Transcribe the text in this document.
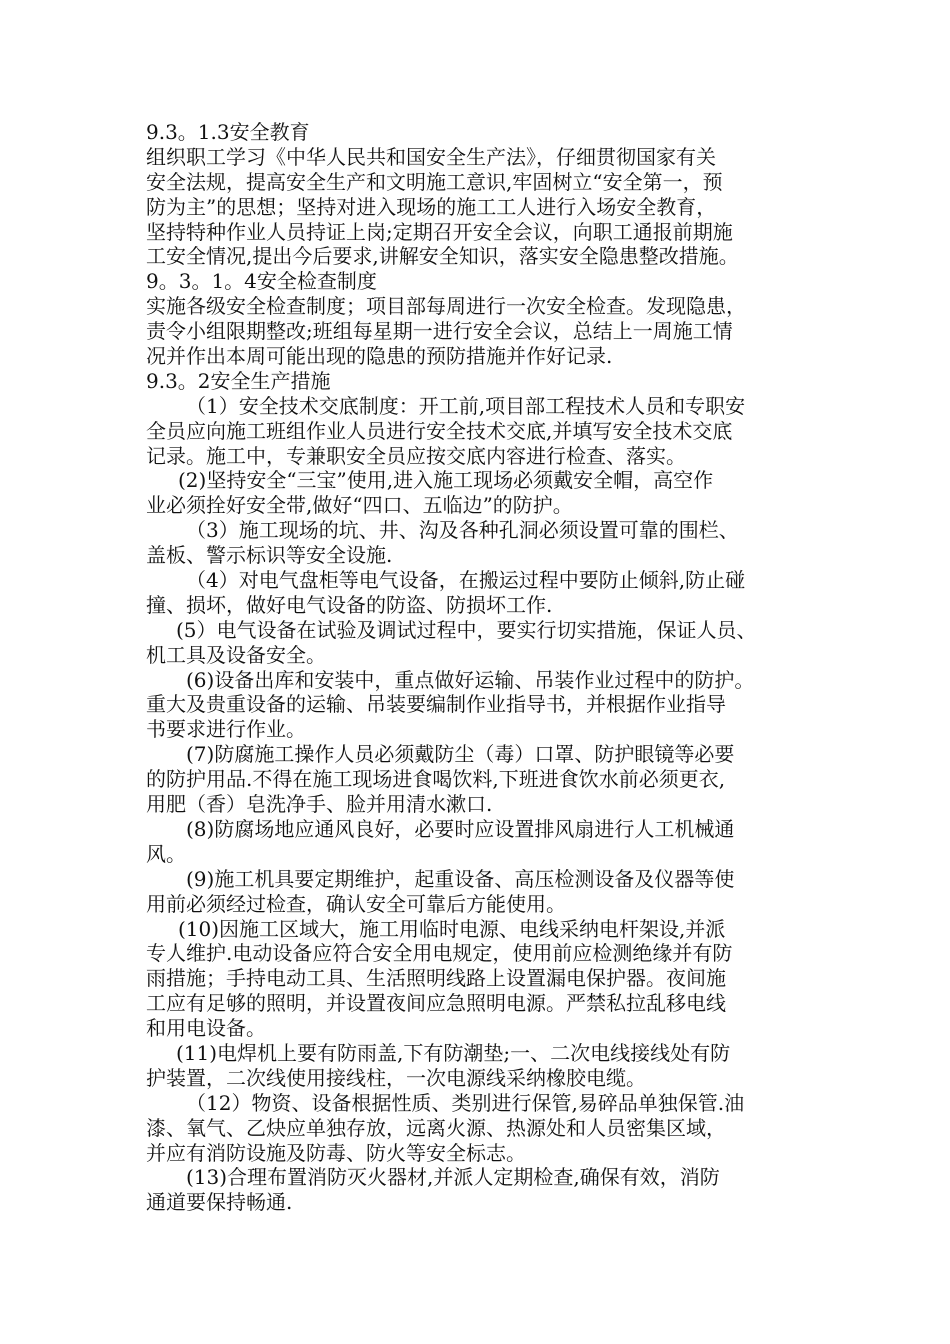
9.3。1.3安全教育
组织职工学习《中华人民共和国安全生产法》，仔细贯彻国家有关
安全法规，提高安全生产和文明施工意识,牢固树立“安全第一，预
防为主”的思想；坚持对进入现场的施工工人进行入场安全教育，
坚持特种作业人员持证上岗;定期召开安全会议，向职工通报前期施
工安全情况,提出今后要求,讲解安全知识，落实安全隐患整改措施。
9。3。1。4安全检查制度
实施各级安全检查制度；项目部每周进行一次安全检查。发现隐患，
责令小组限期整改;班组每星期一进行安全会议，总结上一周施工情
况并作出本周可能出现的隐患的预防措施并作好记录.
9.3。2安全生产措施
（1）安全技术交底制度：开工前,项目部工程技术人员和专职安
全员应向施工班组作业人员进行安全技术交底,并填写安全技术交底
记录。施工中，专兼职安全员应按交底内容进行检查、落实。
(2)坚持安全“三宝”使用,进入施工现场必须戴安全帽，高空作
业必须拴好安全带,做好“四口、五临边”的防护。
（3）施工现场的坑、井、沟及各种孔洞必须设置可靠的围栏、
盖板、警示标识等安全设施.
（4）对电气盘柜等电气设备，在搬运过程中要防止倾斜,防止碰
撞、损坏，做好电气设备的防盗、防损坏工作.
(5）电气设备在试验及调试过程中，要实行切实措施，保证人员、
机工具及设备安全。
(6)设备出库和安装中，重点做好运输、吊装作业过程中的防护。
重大及贵重设备的运输、吊装要编制作业指导书，并根据作业指导
书要求进行作业。
(7)防腐施工操作人员必须戴防尘（毒）口罩、防护眼镜等必要
的防护用品.不得在施工现场进食喝饮料,下班进食饮水前必须更衣,
用肥（香）皂洗净手、脸并用清水漱口.
(8)防腐场地应通风良好，必要时应设置排风扇进行人工机械通
风。
(9)施工机具要定期维护，起重设备、高压检测设备及仪器等使
用前必须经过检查，确认安全可靠后方能使用。
(10)因施工区域大，施工用临时电源、电线采纳电杆架设,并派
专人维护.电动设备应符合安全用电规定，使用前应检测绝缘并有防
雨措施；手持电动工具、生活照明线路上设置漏电保护器。夜间施
工应有足够的照明，并设置夜间应急照明电源。严禁私拉乱移电线
和用电设备。
(11)电焊机上要有防雨盖,下有防潮垫;一、二次电线接线处有防
护装置，二次线使用接线柱，一次电源线采纳橡胶电缆。
（12）物资、设备根据性质、类别进行保管,易碎品单独保管.油
漆、氧气、乙炔应单独存放，远离火源、热源处和人员密集区域，
并应有消防设施及防毒、防火等安全标志。
(13)合理布置消防灭火器材,并派人定期检查,确保有效，消防
通道要保持畅通.
